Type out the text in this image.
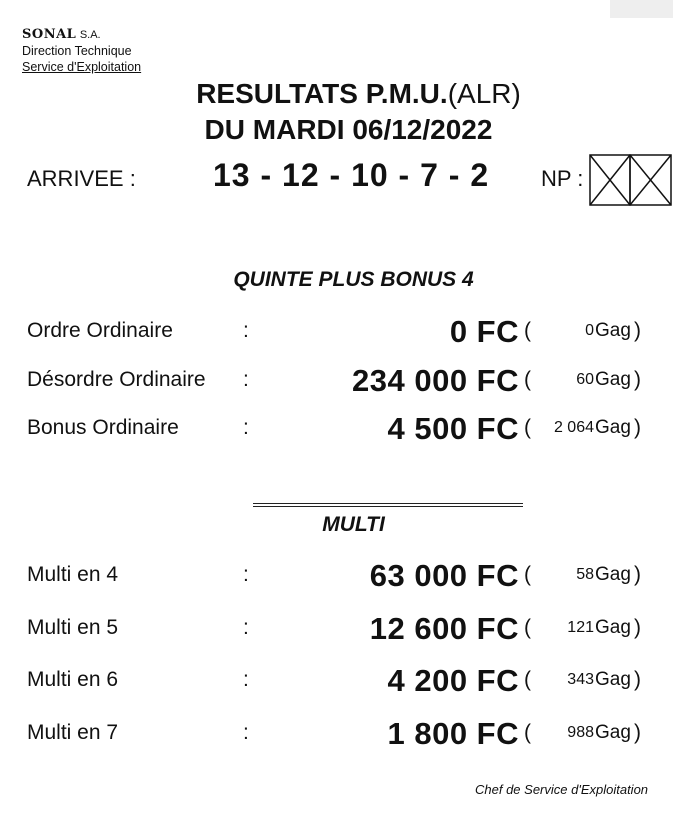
SONAL S.A.
Direction Technique
Service d'Exploitation
RESULTATS P.M.U.(ALR)
DU MARDI 06/12/2022
ARRIVEE : 13 - 12 - 10 - 7 - 2 NP :
QUINTE PLUS BONUS 4
Ordre Ordinaire	:	0 FC (	0 Gag )
Désordre Ordinaire :	234 000 FC (	60 Gag )
Bonus Ordinaire	:	4 500 FC ( 2 064 Gag )
MULTI
Multi en 4	:	63 000 FC (	58 Gag )
Multi en 5	:	12 600 FC ( 121 Gag )
Multi en 6	:	4 200 FC ( 343 Gag )
Multi en 7	:	1 800 FC ( 988 Gag )
Chef de Service d'Exploitation
